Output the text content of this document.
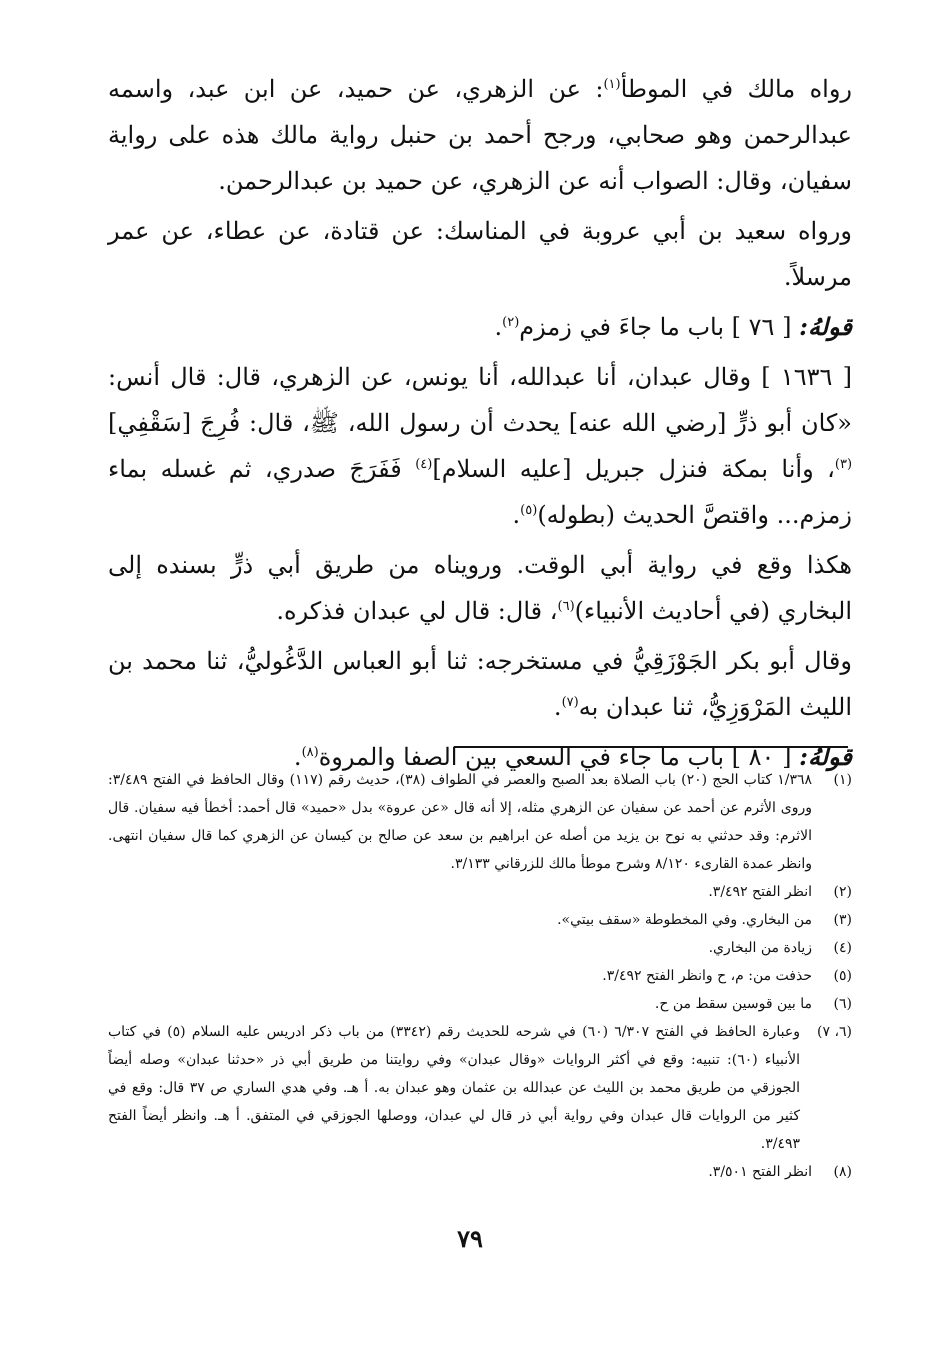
رواه مالك في الموطأ$^{(١)}$: عن الزهري، عن حميد، عن ابن عبد، واسمه عبدالرحمن وهو صحابي، ورجح أحمد بن حنبل رواية مالك هذه على رواية سفيان، وقال: الصواب أنه عن الزهري، عن حميد بن عبدالرحمن.

ورواه سعيد بن أبي عروبة في المناسك: عن قتادة، عن عطاء، عن عمر مرسلاً.

قولهُ: [ ٧٦ ] باب ما جاءَ في زمزم$^{(٢)}$.

[ ١٦٣٦ ] وقال عبدان، أنا عبدالله، أنا يونس، عن الزهري، قال: قال أنس: «كان أبو ذرٍّ [رضي الله عنه] يحدث أن رسول الله، ﷺ، قال: فُرِجَ [سَقْفِي]$^{(٣)}$، وأنا بمكة فنزل جبريل [عليه السلام]$^{(٤)}$ فَفَرَجَ صدري، ثم غسله بماء زمزم... واقتصَّ الحديث (بطوله)$^{(٥)}$.

هكذا وقع في رواية أبي الوقت. ورويناه من طريق أبي ذرٍّ بسنده إلى البخاري (في أحاديث الأنبياء)$^{(٦)}$، قال: قال لي عبدان فذكره.

وقال أبو بكر الجَوْزَقِيُّ في مستخرجه: ثنا أبو العباس الدَّغُوليُّ، ثنا محمد بن الليث المَرْوَزِيُّ، ثنا عبدان به$^{(٧)}$.

قولهُ: [ ٨٠ ] باب ما جاء في السعي بين الصفا والمروة$^{(٨)}$.

(١)
١/٣٦٨ كتاب الحج (٢٠) باب الصلاة بعد الصبح والعصر في الطواف (٣٨)، حديث رقم (١١٧) وقال الحافظ في الفتح ٣/٤٨٩: وروى الأثرم عن أحمد عن سفيان عن الزهري مثله، إلا أنه قال «عن عروة» بدل «حميد» قال أحمد: أخطأ فيه سفيان. قال الاثرم: وقد حدثني به نوح بن يزيد من أصله عن ابراهيم بن سعد عن صالح بن كيسان عن الزهري كما قال سفيان انتهى. وانظر عمدة القارىء ٨/١٢٠ وشرح موطأ مالك للزرقاني ٣/١٣٣.
(٢)
انظر الفتح ٣/٤٩٢.
(٣)
من البخاري. وفي المخطوطة «سقف بيتي».
(٤)
زيادة من البخاري.
(٥)
حذفت من: م، ح وانظر الفتح ٣/٤٩٢.
(٦)
ما بين قوسين سقط من ح.
(٦، ٧)
وعبارة الحافظ في الفتح ٦/٣٠٧ (٦٠) في شرحه للحديث رقم (٣٣٤٢) من باب ذكر ادريس عليه السلام (٥) في كتاب الأنبياء (٦٠): تنبيه: وقع في أكثر الروايات «وقال عبدان» وفي روايتنا من طريق أبي ذر «حدثنا عبدان» وصله أيضاً الجوزقي من طريق محمد بن الليث عن عبدالله بن عثمان وهو عبدان به. أ هـ. وفي هدي الساري ص ٣٧ قال: وقع في كثير من الروايات قال عبدان وفي رواية أبي ذر قال لي عبدان، ووصلها الجوزقي في المتفق. أ هـ. وانظر أيضاً الفتح ٣/٤٩٣.
(٨)
انظر الفتح ٣/٥٠١.
٧٩
